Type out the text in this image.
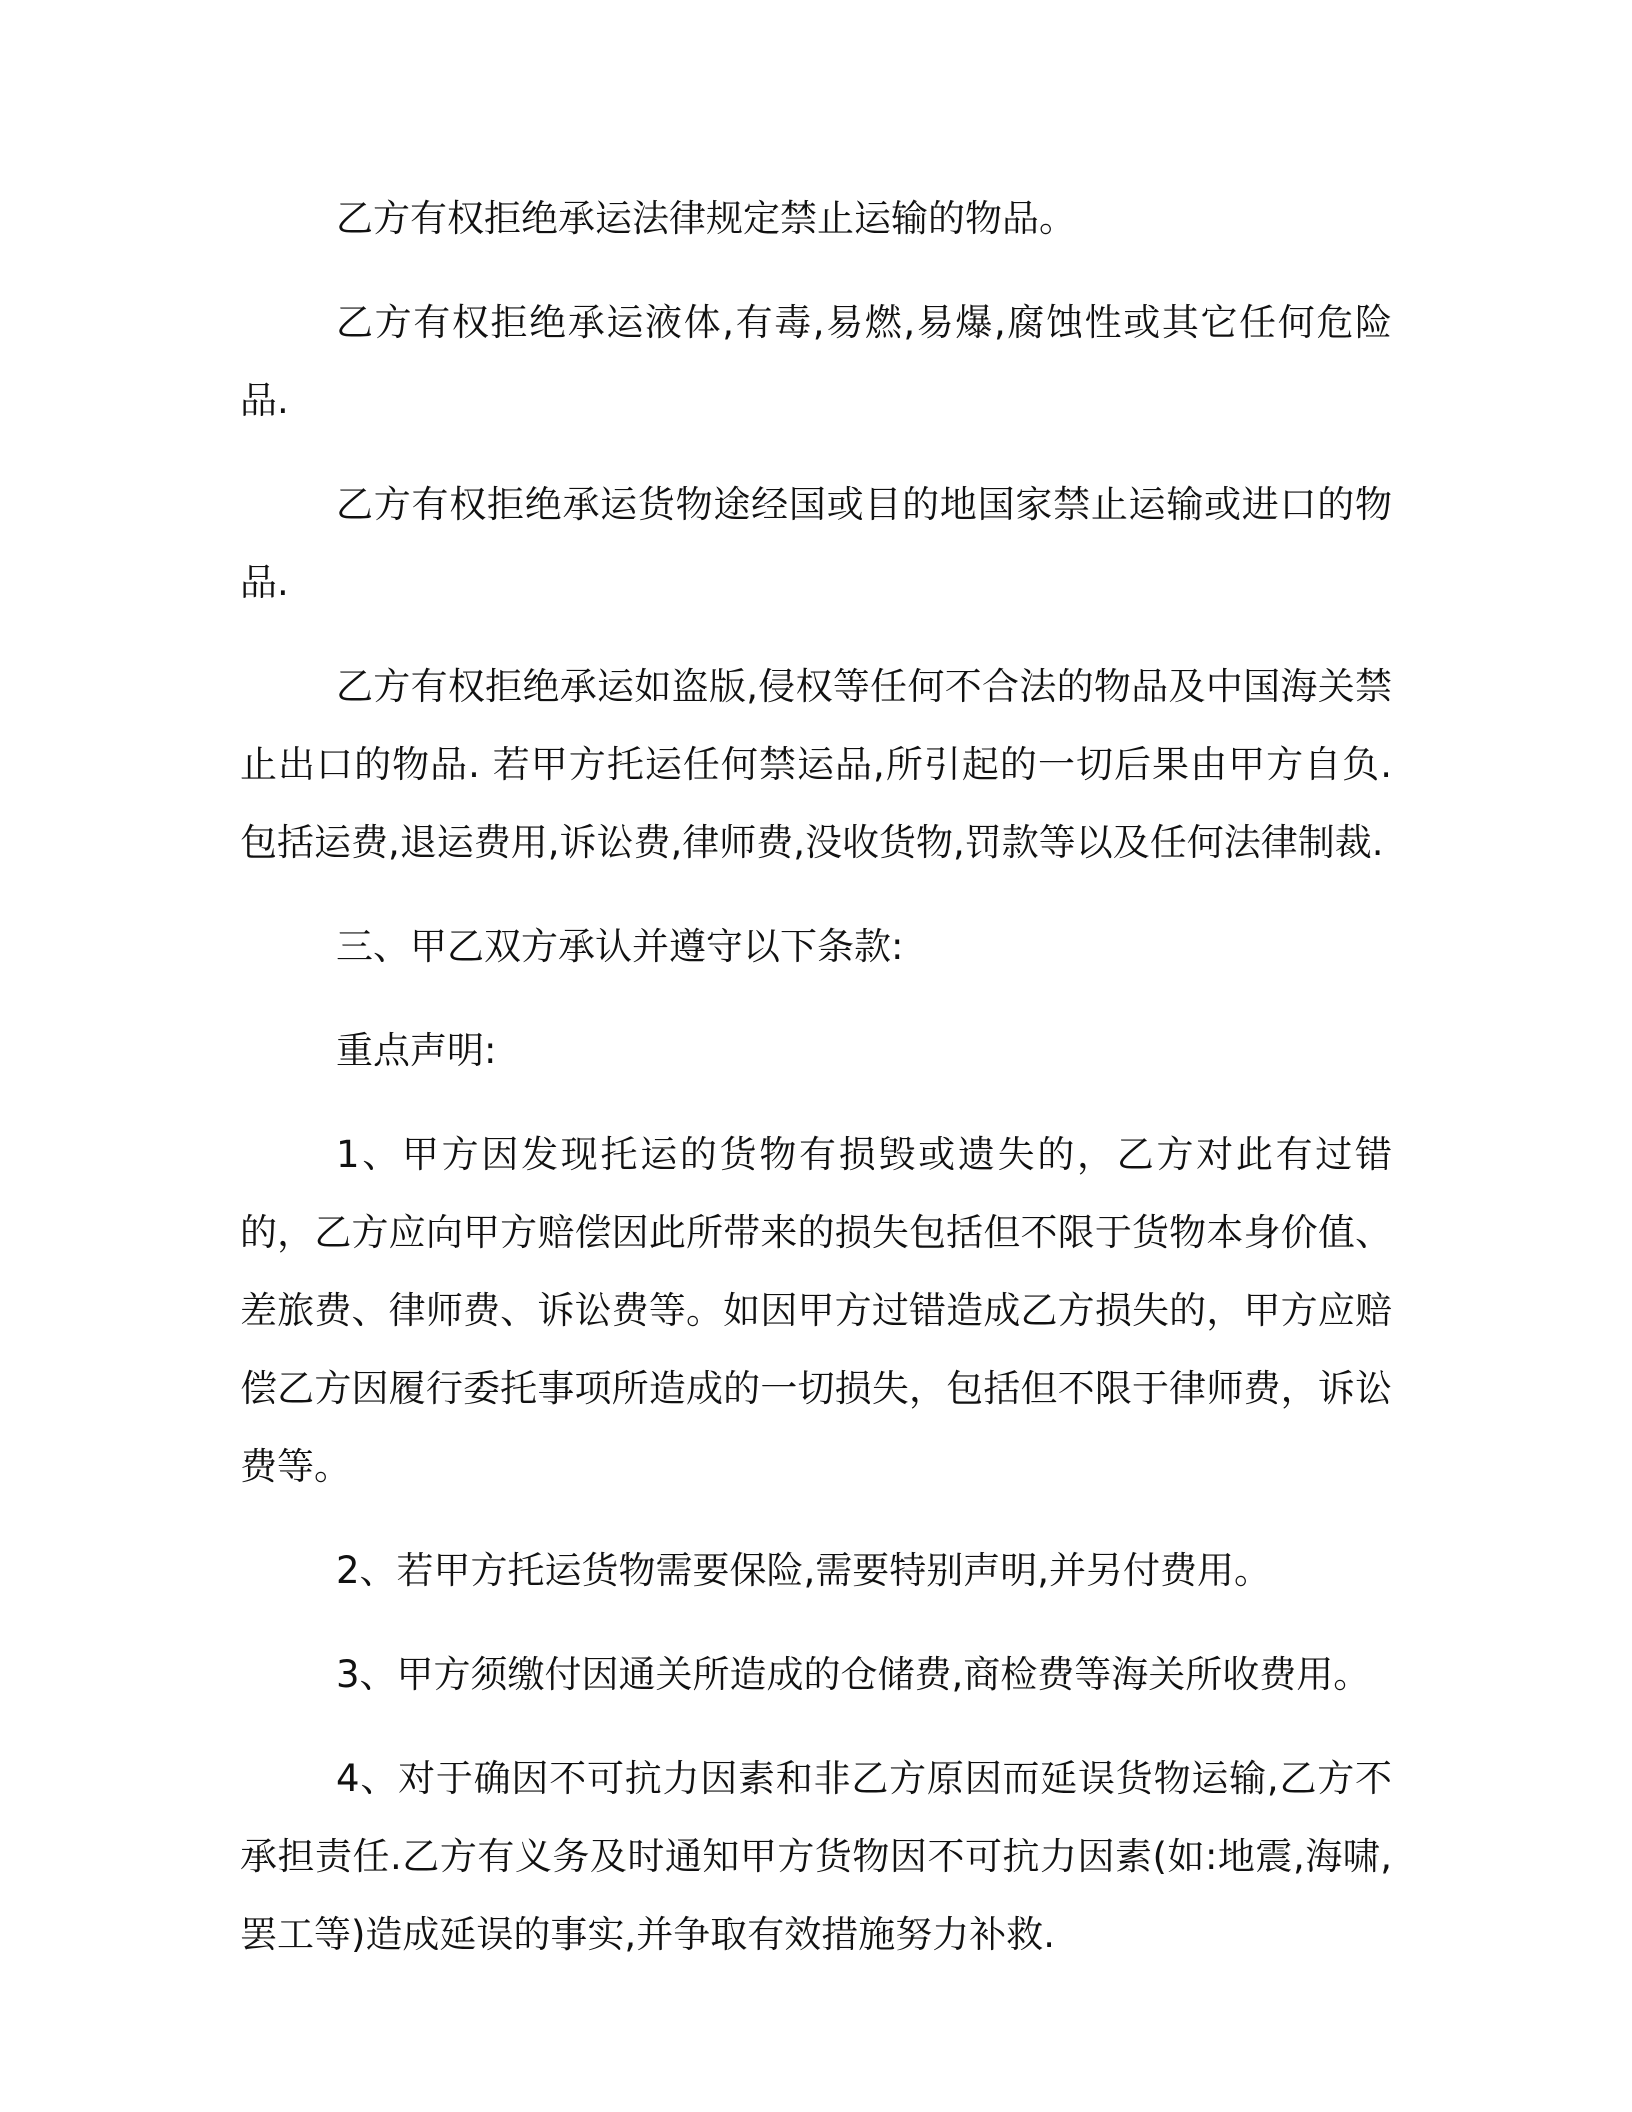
乙方有权拒绝承运法律规定禁止运输的物品。

乙方有权拒绝承运液体,有毒,易燃,易爆,腐蚀性或其它任何危险品.

乙方有权拒绝承运货物途经国或目的地国家禁止运输或进口的物品.

乙方有权拒绝承运如盗版,侵权等任何不合法的物品及中国海关禁止出口的物品. 若甲方托运任何禁运品,所引起的一切后果由甲方自负. 包括运费,退运费用,诉讼费,律师费,没收货物,罚款等以及任何法律制裁.

三、甲乙双方承认并遵守以下条款:

重点声明:

1、甲方因发现托运的货物有损毁或遗失的，乙方对此有过错的，乙方应向甲方赔偿因此所带来的损失包括但不限于货物本身价值、差旅费、律师费、诉讼费等。如因甲方过错造成乙方损失的，甲方应赔偿乙方因履行委托事项所造成的一切损失，包括但不限于律师费，诉讼费等。

2、若甲方托运货物需要保险,需要特别声明,并另付费用。

3、甲方须缴付因通关所造成的仓储费,商检费等海关所收费用。

4、对于确因不可抗力因素和非乙方原因而延误货物运输,乙方不承担责任.乙方有义务及时通知甲方货物因不可抗力因素(如:地震,海啸,罢工等)造成延误的事实,并争取有效措施努力补救.
